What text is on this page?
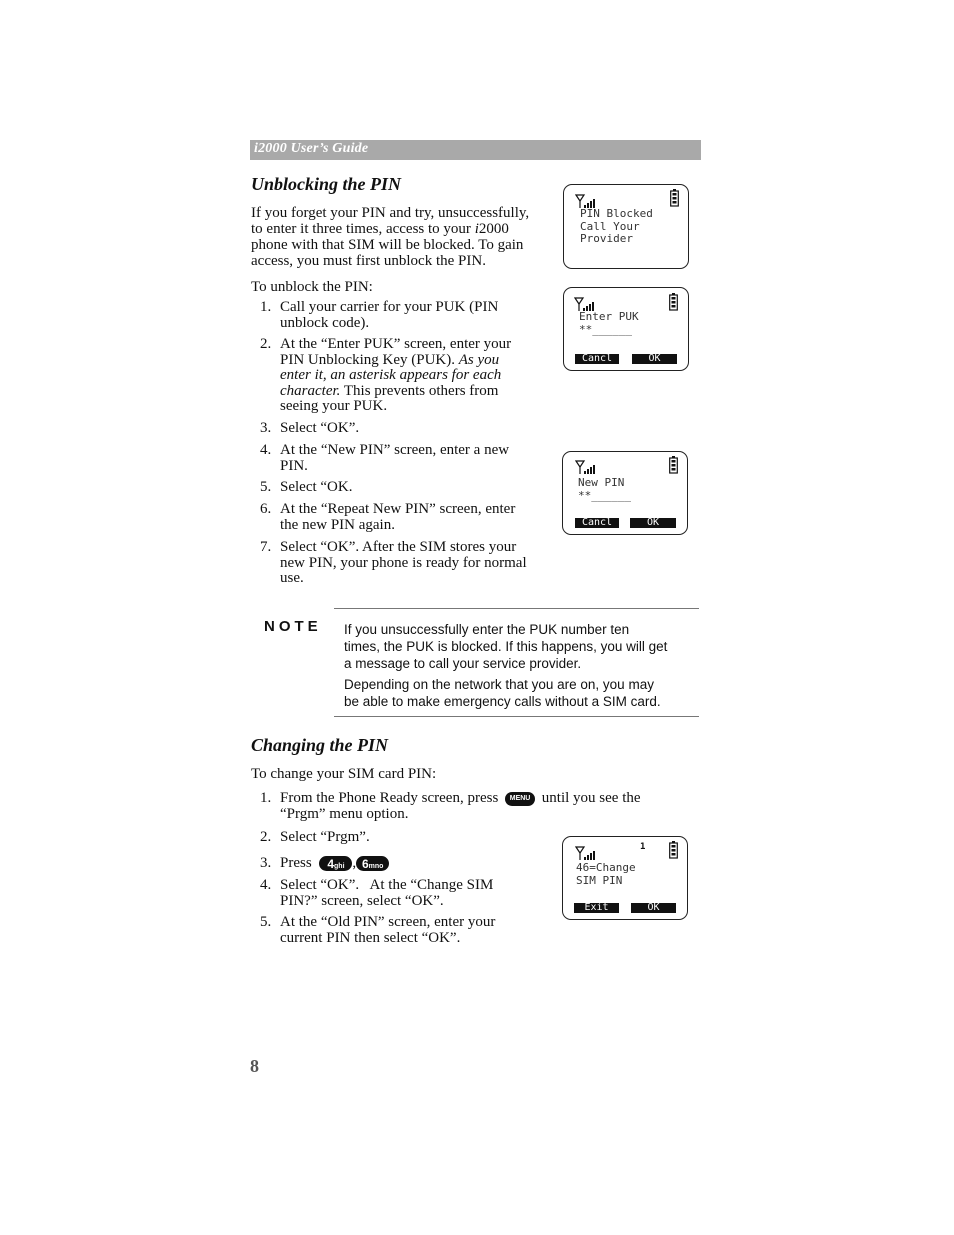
i2000 User’s Guide
Unblocking the PIN
If you forget your PIN and try, unsuccessfully,
to enter it three times, access to your i2000
phone with that SIM will be blocked. To gain
access, you must first unblock the PIN.
To unblock the PIN:
1. Call your carrier for your PUK (PIN
unblock code).
2. At the “Enter PUK” screen, enter your
PIN Unblocking Key (PUK). As you
enter it, an asterisk appears for each
character. This prevents others from
seeing your PUK.
3. Select “OK”.
4. At the “New PIN” screen, enter a new
PIN.
5. Select “OK.
6. At the “Repeat New PIN” screen, enter
the new PIN again.
7. Select “OK”. After the SIM stores your
new PIN, your phone is ready for normal
use.
PIN Blocked
Call Your
Provider
Enter PUK
**______
Cancl	OK
New PIN
**______
Cancl	OK
NOTE If you unsuccessfully enter the PUK number ten
times, the PUK is blocked. If this happens, you will get
a message to call your service provider.
Depending on the network that you are on, you may
be able to make emergency calls without a SIM card.
Changing the PIN
To change your SIM card PIN:
1. From the Phone Ready screen, press MENU until you see the
“Prgm” menu option.
2. Select “Prgm”.
3. Press 4ghi , 6mno
4. Select “OK”.   At the “Change SIM
PIN?” screen, select “OK”.
5. At the “Old PIN” screen, enter your
current PIN then select “OK”.
1
46=Change
SIM PIN
Exit	OK
8
